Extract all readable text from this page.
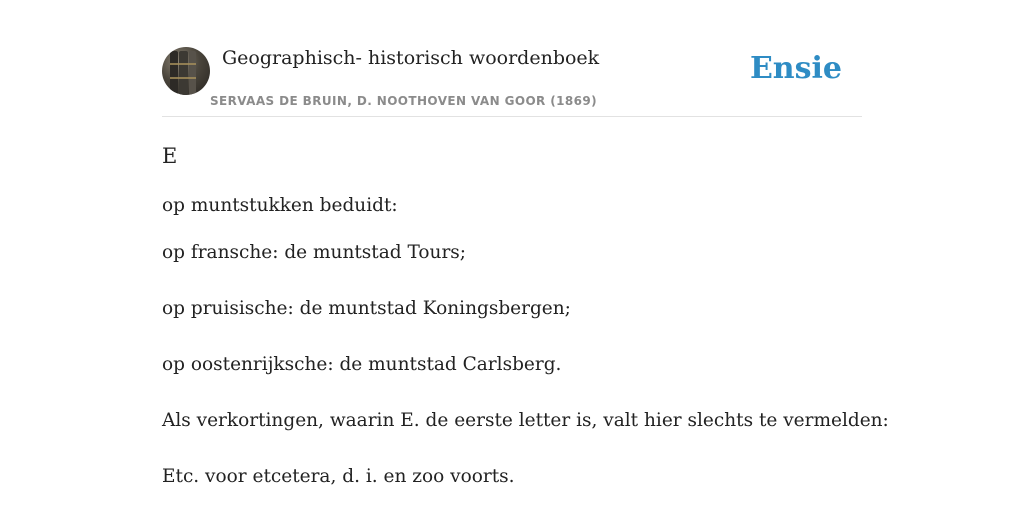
Geographisch- historisch woordenboek
SERVAAS DE BRUIN, D. NOOTHOVEN VAN GOOR (1869)
Ensie
E

op muntstukken beduidt:

op fransche: de muntstad Tours;

op pruisische: de muntstad Koningsbergen;

op oostenrijksche: de muntstad Carlsberg.

Als verkortingen, waarin E. de eerste letter is, valt hier slechts te vermelden:

Etc. voor etcetera, d. i. en zoo voorts.
